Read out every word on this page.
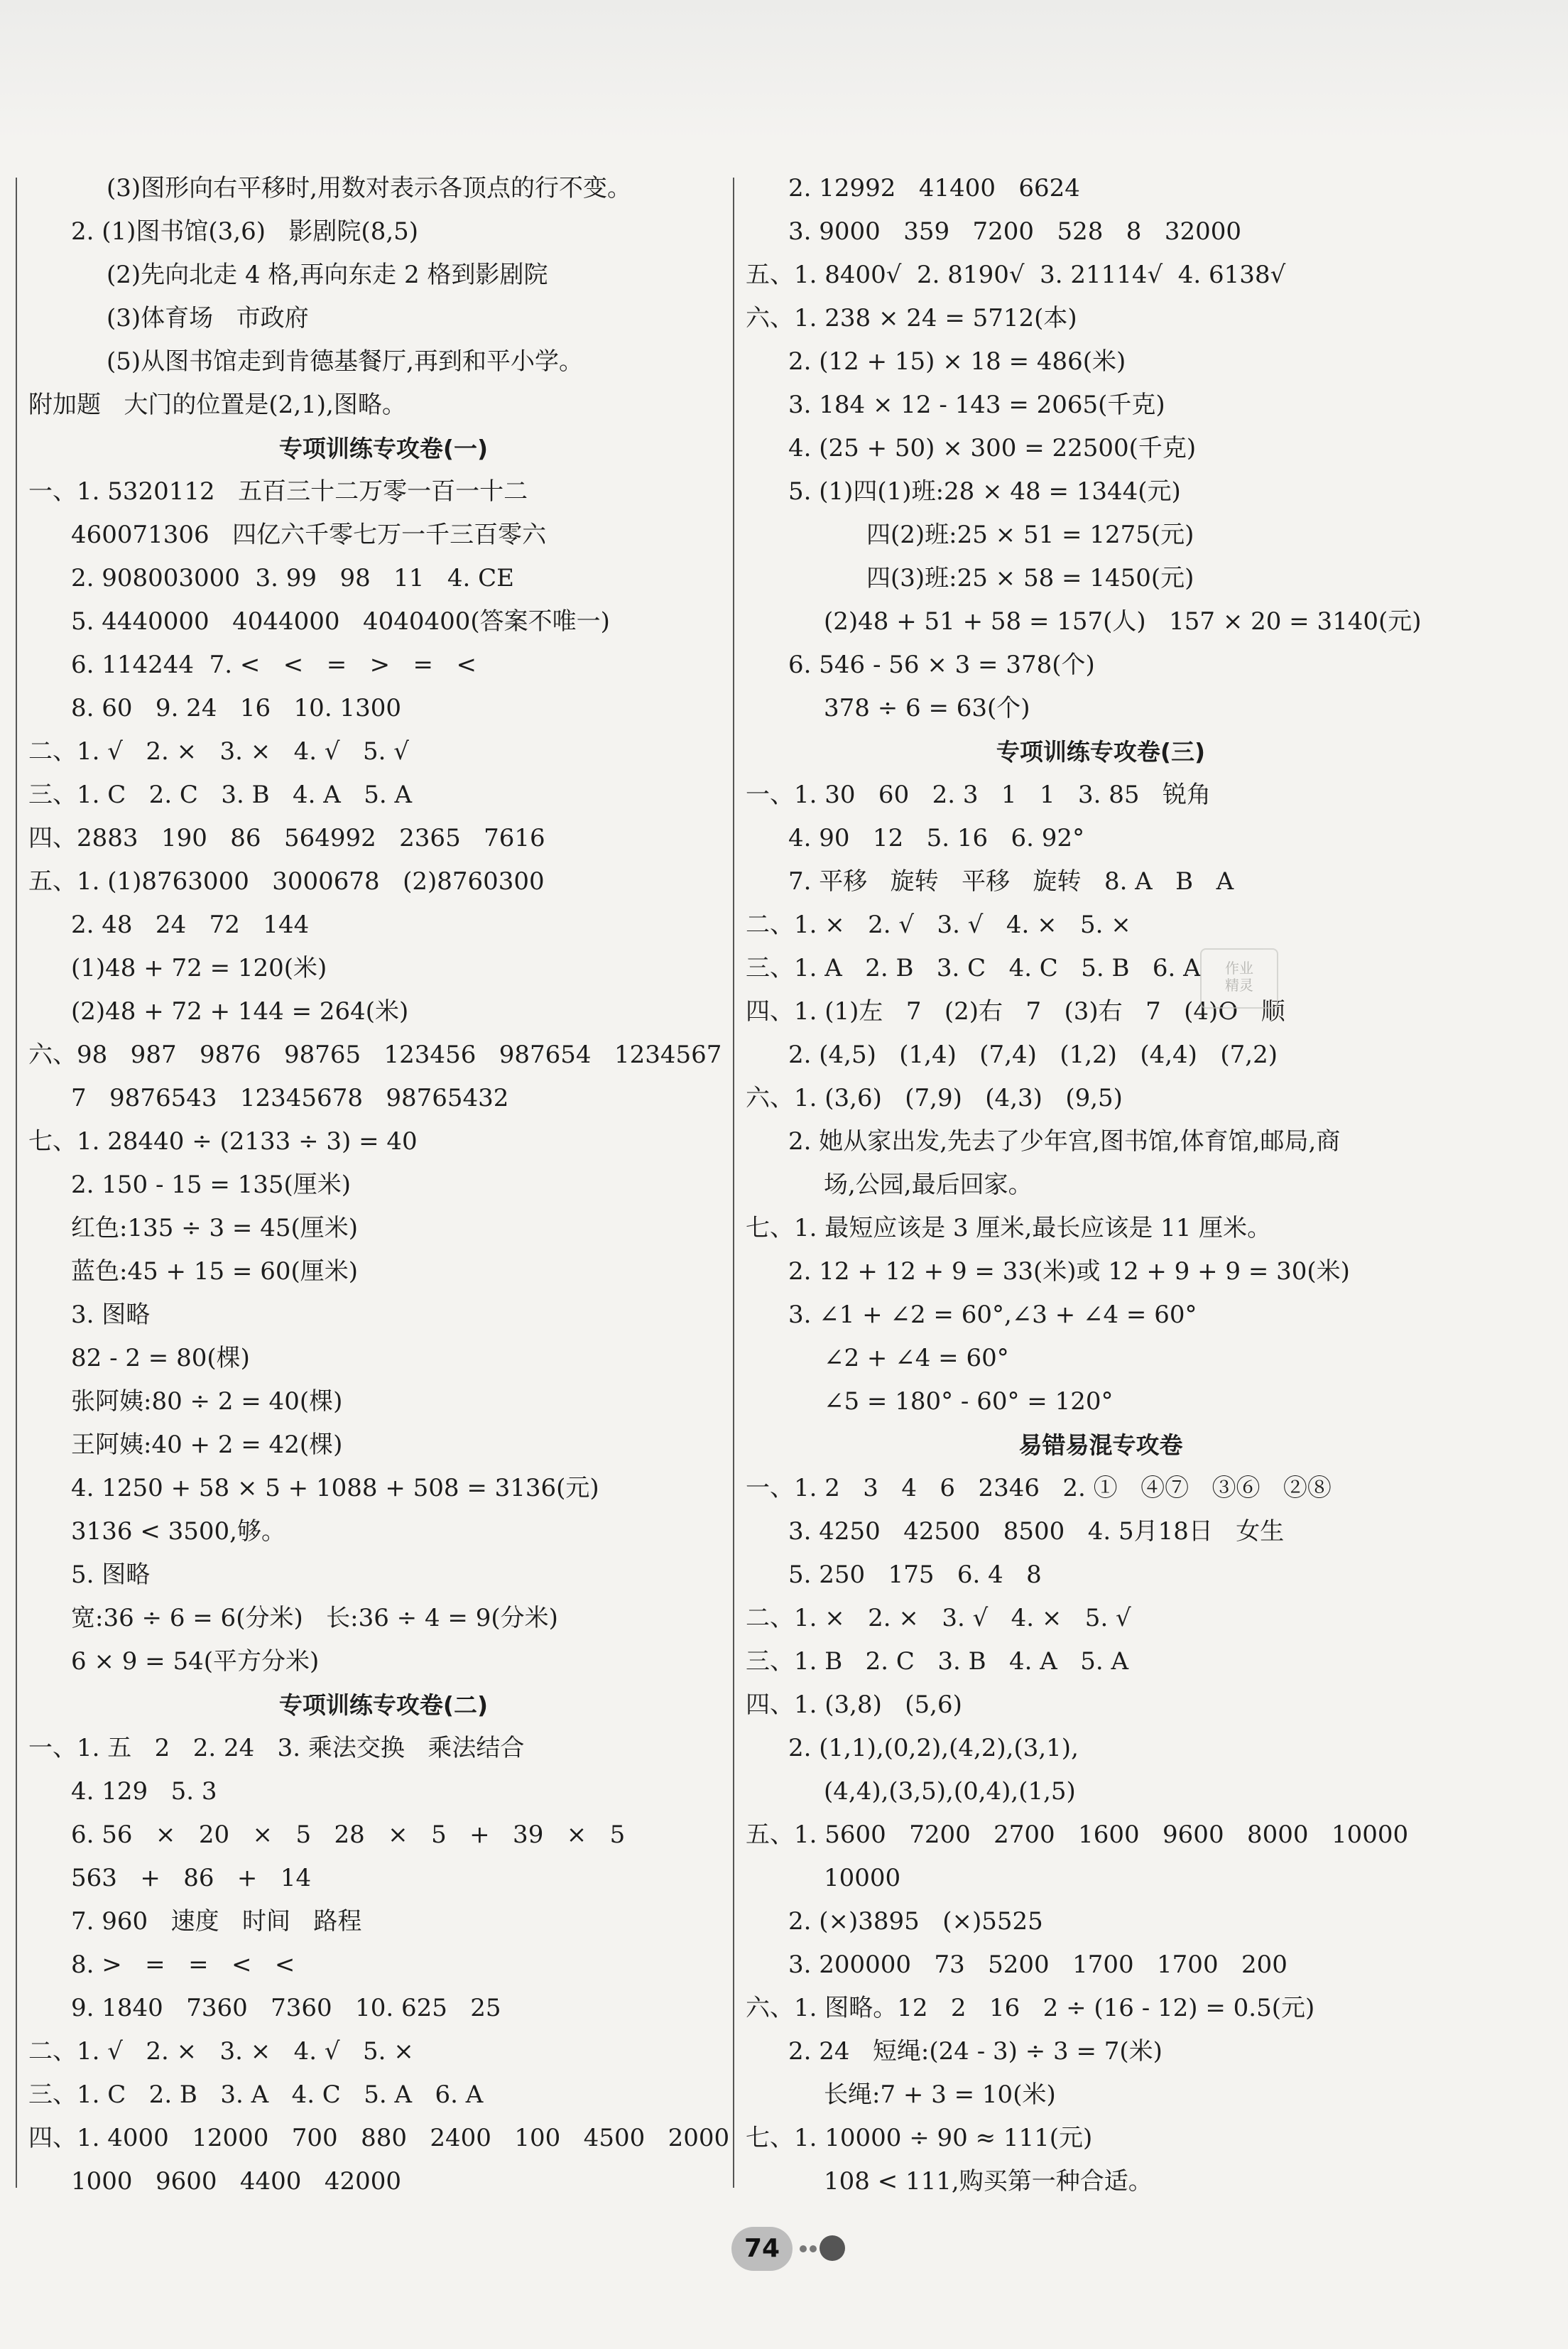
(3)图形向右平移时,用数对表示各顶点的行不变。
2. (1)图书馆(3,6)   影剧院(8,5)
(2)先向北走 4 格,再向东走 2 格到影剧院
(3)体育场   市政府
(5)从图书馆走到肯德基餐厅,再到和平小学。
附加题   大门的位置是(2,1),图略。
专项训练专攻卷(一)
一、1. 5320112   五百三十二万零一百一十二
460071306   四亿六千零七万一千三百零六
2. 908003000  3. 99   98   11   4. CE
5. 4440000   4044000   4040400(答案不唯一)
6. 114244  7. <   <   =   >   =   <
8. 60   9. 24   16   10. 1300
二、1. √   2. ×   3. ×   4. √   5. √
三、1. C   2. C   3. B   4. A   5. A
四、2883   190   86   564992   2365   7616
五、1. (1)8763000   3000678   (2)8760300
2. 48   24   72   144
(1)48 + 72 = 120(米)
(2)48 + 72 + 144 = 264(米)
六、98   987   9876   98765   123456   987654   1234567
7   9876543   12345678   98765432
七、1. 28440 ÷ (2133 ÷ 3) = 40
2. 150 - 15 = 135(厘米)
红色:135 ÷ 3 = 45(厘米)
蓝色:45 + 15 = 60(厘米)
3. 图略
82 - 2 = 80(棵)
张阿姨:80 ÷ 2 = 40(棵)
王阿姨:40 + 2 = 42(棵)
4. 1250 + 58 × 5 + 1088 + 508 = 3136(元)
3136 < 3500,够。
5. 图略
宽:36 ÷ 6 = 6(分米)   长:36 ÷ 4 = 9(分米)
6 × 9 = 54(平方分米)
专项训练专攻卷(二)
一、1. 五   2   2. 24   3. 乘法交换   乘法结合
4. 129   5. 3
6. 56   ×   20   ×   5   28   ×   5   +   39   ×   5
563   +   86   +   14
7. 960   速度   时间   路程
8. >   =   =   <   <
9. 1840   7360   7360   10. 625   25
二、1. √   2. ×   3. ×   4. √   5. ×
三、1. C   2. B   3. A   4. C   5. A   6. A
四、1. 4000   12000   700   880   2400   100   4500   2000
1000   9600   4400   42000
2. 12992   41400   6624
3. 9000   359   7200   528   8   32000
五、1. 8400√  2. 8190√  3. 21114√  4. 6138√
六、1. 238 × 24 = 5712(本)
2. (12 + 15) × 18 = 486(米)
3. 184 × 12 - 143 = 2065(千克)
4. (25 + 50) × 300 = 22500(千克)
5. (1)四(1)班:28 × 48 = 1344(元)
四(2)班:25 × 51 = 1275(元)
四(3)班:25 × 58 = 1450(元)
(2)48 + 51 + 58 = 157(人)   157 × 20 = 3140(元)
6. 546 - 56 × 3 = 378(个)
378 ÷ 6 = 63(个)
专项训练专攻卷(三)
一、1. 30   60   2. 3   1   1   3. 85   锐角
4. 90   12   5. 16   6. 92°
7. 平移   旋转   平移   旋转   8. A   B   A
二、1. ×   2. √   3. √   4. ×   5. ×
三、1. A   2. B   3. C   4. C   5. B   6. A
四、1. (1)左   7   (2)右   7   (3)右   7   (4)O   顺
2. (4,5)   (1,4)   (7,4)   (1,2)   (4,4)   (7,2)
六、1. (3,6)   (7,9)   (4,3)   (9,5)
2. 她从家出发,先去了少年宫,图书馆,体育馆,邮局,商
场,公园,最后回家。
七、1. 最短应该是 3 厘米,最长应该是 11 厘米。
2. 12 + 12 + 9 = 33(米)或 12 + 9 + 9 = 30(米)
3. ∠1 + ∠2 = 60°,∠3 + ∠4 = 60°
∠2 + ∠4 = 60°
∠5 = 180° - 60° = 120°
易错易混专攻卷
一、1. 2   3   4   6   2346   2. ①   ④⑦   ③⑥   ②⑧
3. 4250   42500   8500   4. 5月18日   女生
5. 250   175   6. 4   8
二、1. ×   2. ×   3. √   4. ×   5. √
三、1. B   2. C   3. B   4. A   5. A
四、1. (3,8)   (5,6)
2. (1,1),(0,2),(4,2),(3,1),
(4,4),(3,5),(0,4),(1,5)
五、1. 5600   7200   2700   1600   9600   8000   10000
10000
2. (×)3895   (×)5525
3. 200000   73   5200   1700   1700   200
六、1. 图略。12   2   16   2 ÷ (16 - 12) = 0.5(元)
2. 24   短绳:(24 - 3) ÷ 3 = 7(米)
长绳:7 + 3 = 10(米)
七、1. 10000 ÷ 90 ≈ 111(元)
108 < 111,购买第一种合适。
作业
精灵
74
